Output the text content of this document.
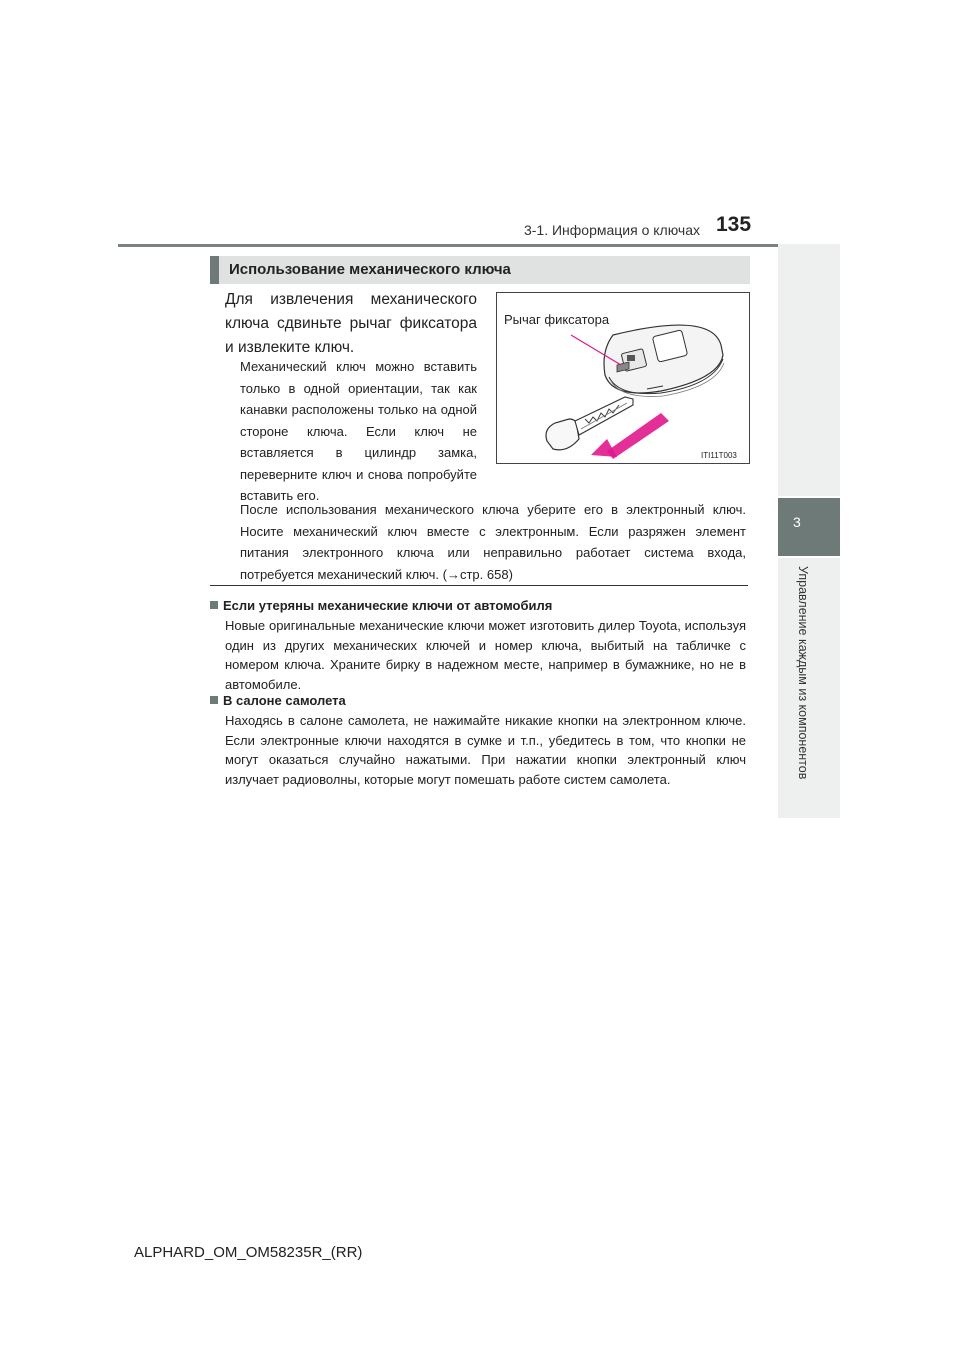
3-1. Информация о ключах 135
3
Управление каждым из компонентов
Использование механического ключа
Для извлечения механического ключа сдвиньте рычаг фиксатора и извлеките ключ.
Механический ключ можно вставить только в одной ориентации, так как канавки расположены только на одной стороне ключа. Если ключ не вставляется в цилиндр замка, переверните ключ и снова попробуйте вставить его.
После использования механического ключа уберите его в электронный ключ. Носите механический ключ вместе с электронным. Если разряжен элемент питания электронного ключа или неправильно работает система входа, потребуется механический ключ. (→стр. 658)
Рычаг фиксатора
ITI11T003
Если утеряны механические ключи от автомобиля
Новые оригинальные механические ключи может изготовить дилер Toyota, используя один из других механических ключей и номер ключа, выбитый на табличке с номером ключа. Храните бирку в надежном месте, например в бумажнике, но не в автомобиле.
В салоне самолета
Находясь в салоне самолета, не нажимайте никакие кнопки на электронном ключе. Если электронные ключи находятся в сумке и т.п., убедитесь в том, что кнопки не могут оказаться случайно нажатыми. При нажатии кнопки электронный ключ излучает радиоволны, которые могут помешать работе систем самолета.
ALPHARD_OM_OM58235R_(RR)
